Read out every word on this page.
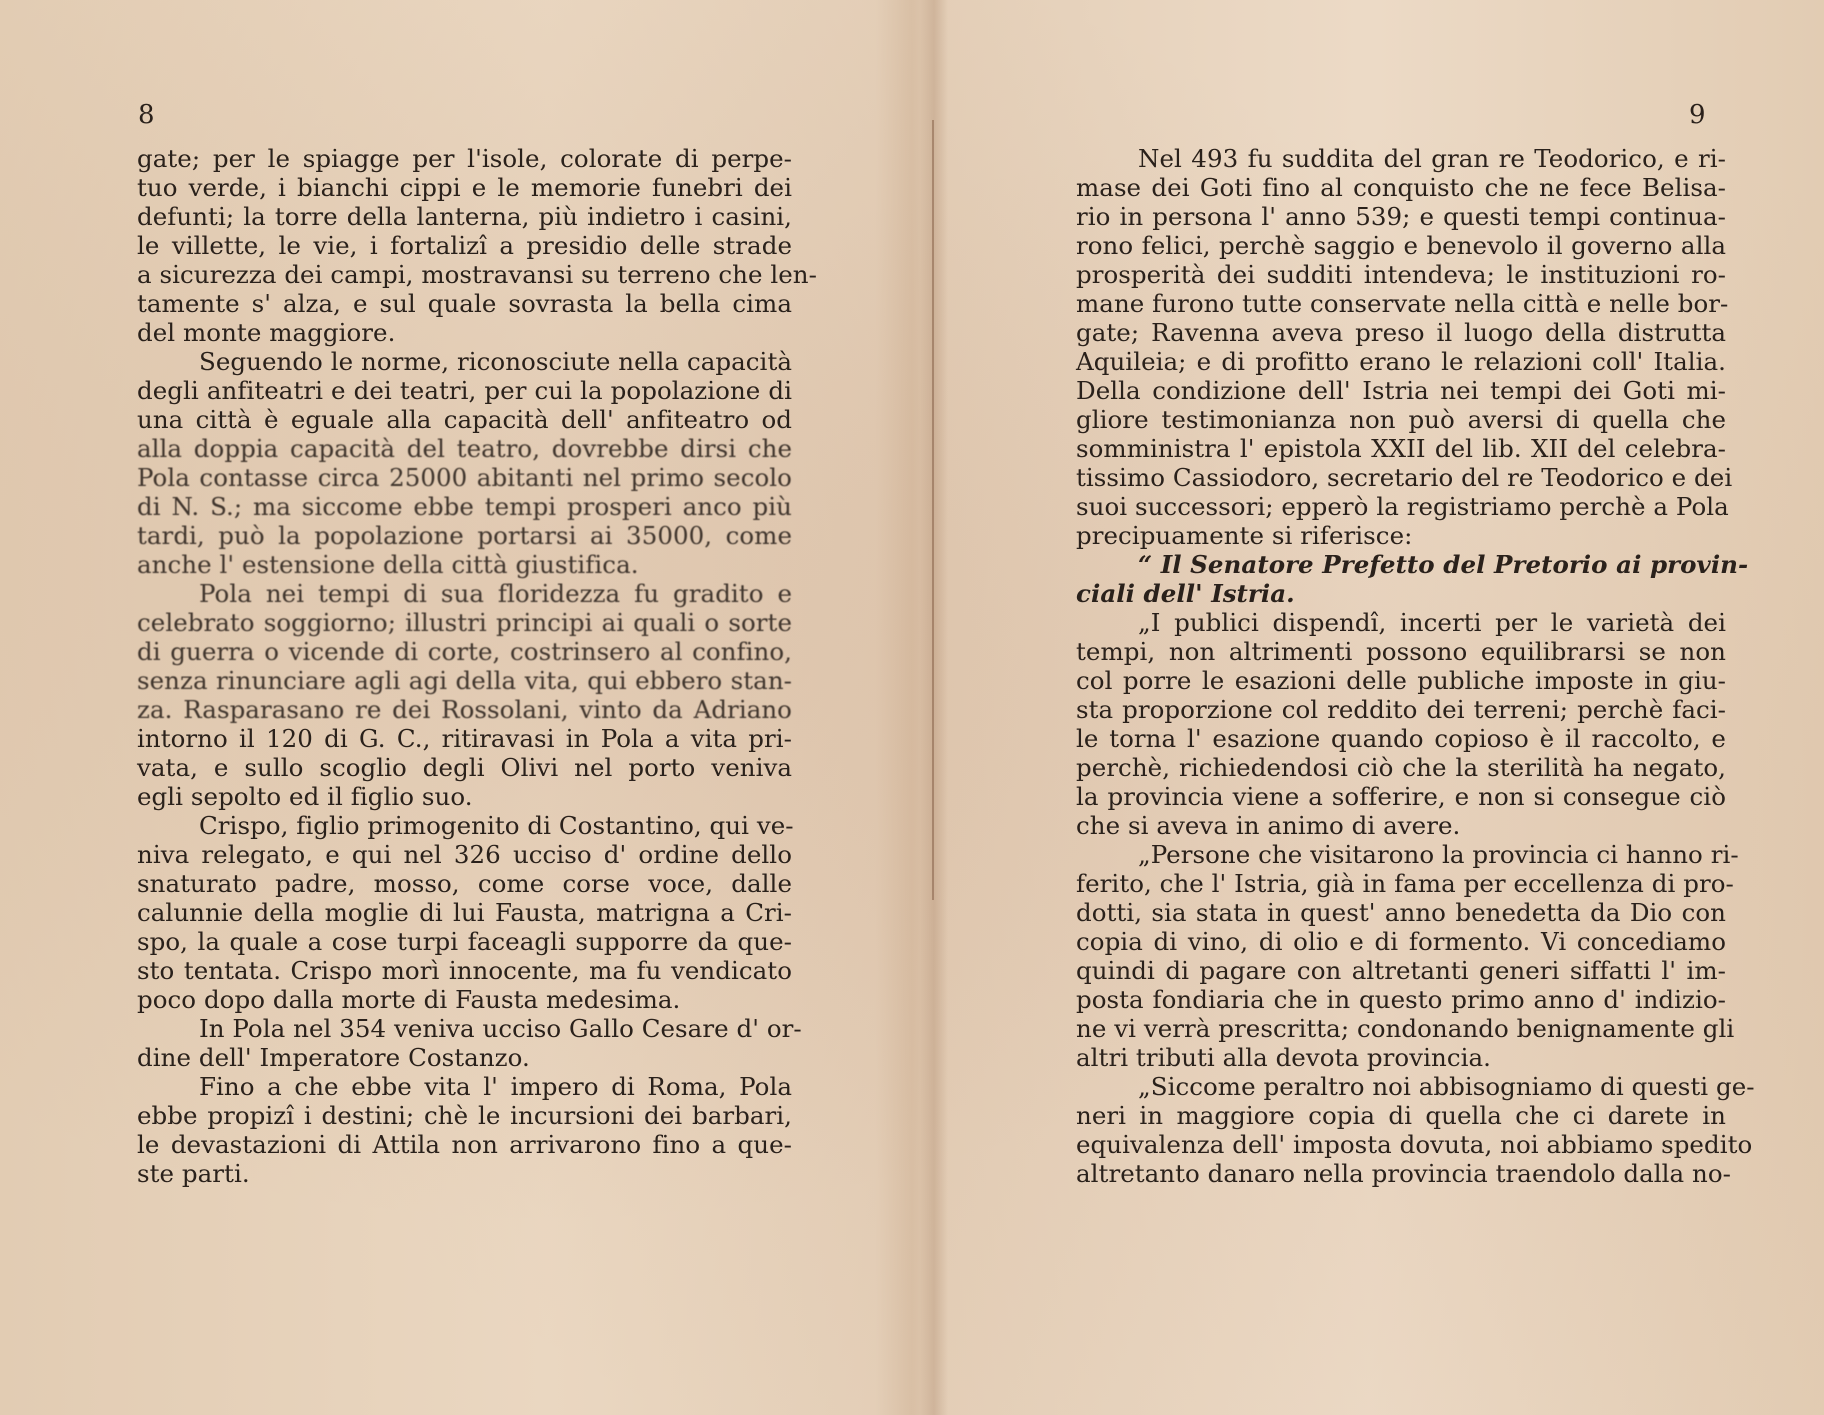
8
gate; per le spiagge per l'isole, colorate di perpe-
tuo verde, i bianchi cippi e le memorie funebri dei
defunti; la torre della lanterna, più indietro i casini,
le villette, le vie, i fortalizî a presidio delle strade
a sicurezza dei campi, mostravansi su terreno che len-
tamente s' alza, e sul quale sovrasta la bella cima
del monte maggiore.
Seguendo le norme, riconosciute nella capacità
degli anfiteatri e dei teatri, per cui la popolazione di
una città è eguale alla capacità dell' anfiteatro od
alla doppia capacità del teatro, dovrebbe dirsi che
Pola contasse circa 25000 abitanti nel primo secolo
di N. S.; ma siccome ebbe tempi prosperi anco più
tardi, può la popolazione portarsi ai 35000, come
anche l' estensione della città giustifica.
Pola nei tempi di sua floridezza fu gradito e
celebrato soggiorno; illustri principi ai quali o sorte
di guerra o vicende di corte, costrinsero al confino,
senza rinunciare agli agi della vita, qui ebbero stan-
za. Rasparasano re dei Rossolani, vinto da Adriano
intorno il 120 di G. C., ritiravasi in Pola a vita pri-
vata, e sullo scoglio degli Olivi nel porto veniva
egli sepolto ed il figlio suo.
Crispo, figlio primogenito di Costantino, qui ve-
niva relegato, e qui nel 326 ucciso d' ordine dello
snaturato padre, mosso, come corse voce, dalle
calunnie della moglie di lui Fausta, matrigna a Cri-
spo, la quale a cose turpi faceagli supporre da que-
sto tentata. Crispo morì innocente, ma fu vendicato
poco dopo dalla morte di Fausta medesima.
In Pola nel 354 veniva ucciso Gallo Cesare d' or-
dine dell' Imperatore Costanzo.
Fino a che ebbe vita l' impero di Roma, Pola
ebbe propizî i destini; chè le incursioni dei barbari,
le devastazioni di Attila non arrivarono fino a que-
ste parti.
9
Nel 493 fu suddita del gran re Teodorico, e ri-
mase dei Goti fino al conquisto che ne fece Belisa-
rio in persona l' anno 539; e questi tempi continua-
rono felici, perchè saggio e benevolo il governo alla
prosperità dei sudditi intendeva; le instituzioni ro-
mane furono tutte conservate nella città e nelle bor-
gate; Ravenna aveva preso il luogo della distrutta
Aquileia; e di profitto erano le relazioni coll' Italia.
Della condizione dell' Istria nei tempi dei Goti mi-
gliore testimonianza non può aversi di quella che
somministra l' epistola XXII del lib. XII del celebra-
tissimo Cassiodoro, secretario del re Teodorico e dei
suoi successori; epperò la registriamo perchè a Pola
precipuamente si riferisce:
“ Il Senatore Prefetto del Pretorio ai provin-
ciali dell' Istria.
„I publici dispendî, incerti per le varietà dei
tempi, non altrimenti possono equilibrarsi se non
col porre le esazioni delle publiche imposte in giu-
sta proporzione col reddito dei terreni; perchè faci-
le torna l' esazione quando copioso è il raccolto, e
perchè, richiedendosi ciò che la sterilità ha negato,
la provincia viene a sofferire, e non si consegue ciò
che si aveva in animo di avere.
„Persone che visitarono la provincia ci hanno ri-
ferito, che l' Istria, già in fama per eccellenza di pro-
dotti, sia stata in quest' anno benedetta da Dio con
copia di vino, di olio e di formento. Vi concediamo
quindi di pagare con altretanti generi siffatti l' im-
posta fondiaria che in questo primo anno d' indizio-
ne vi verrà prescritta; condonando benignamente gli
altri tributi alla devota provincia.
„Siccome peraltro noi abbisogniamo di questi ge-
neri in maggiore copia di quella che ci darete in
equivalenza dell' imposta dovuta, noi abbiamo spedito
altretanto danaro nella provincia traendolo dalla no-
